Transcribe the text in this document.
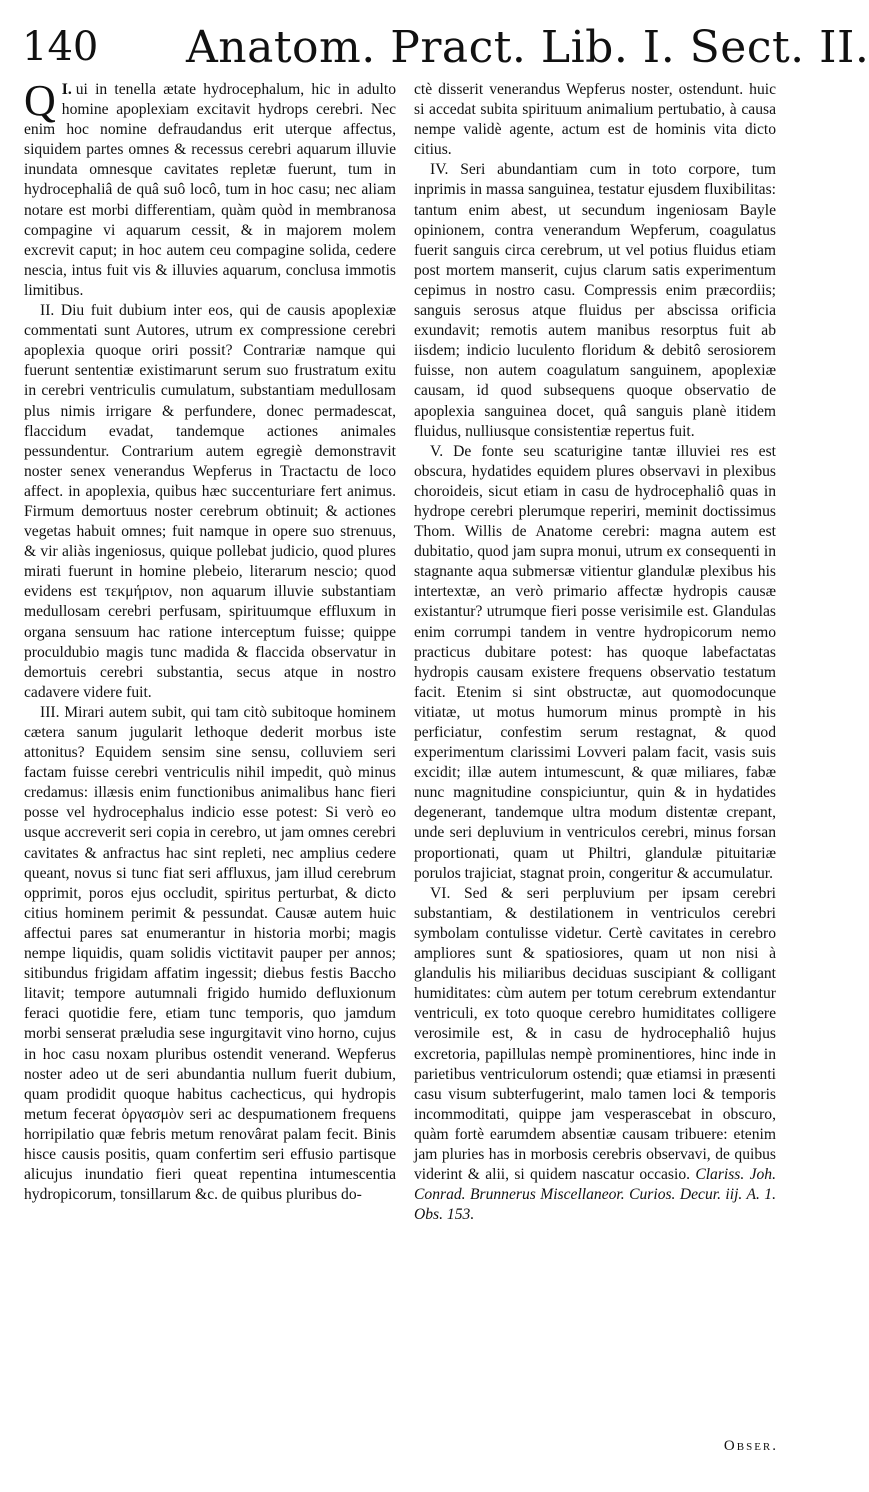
140 Anatom. Pract. Lib. I. Sect. II.

I.
Q ui in tenella ætate hydrocephalum, hic in adulto homine apoplexiam excitavit hydrops cerebri. Nec enim hoc nomine defraudandus erit uterque affectus, siquidem partes omnes & recessus cerebri aquarum illuvie inundata omnesque cavitates repletæ fuerunt, tum in hydrocephaliâ de quâ suô locô, tum in hoc casu; nec aliam notare est morbi differentiam, quàm quòd in membranosa compagine vi aquarum cessit, & in majorem molem excrevit caput; in hoc autem ceu compagine solida, cedere nescia, intus fuit vis & illuvies aquarum, conclusa immotis limitibus.

II. Diu fuit dubium inter eos, qui de causis apoplexiæ commentati sunt Autores, utrum ex compressione cerebri apoplexia quoque oriri possit? Contrariæ namque qui fuerunt sententiæ existimarunt serum suo frustratum exitu in cerebri ventriculis cumulatum, substantiam medullosam plus nimis irrigare & perfundere, donec permadescat, flaccidum evadat, tandemque actiones animales pessundentur. Contrarium autem egregiè demonstravit noster senex venerandus Wepferus in Tractactu de loco affect. in apoplexia, quibus hæc succenturiare fert animus. Firmum demortuus noster cerebrum obtinuit; & actiones vegetas habuit omnes; fuit namque in opere suo strenuus, & vir aliàs ingeniosus, quique pollebat judicio, quod plures mirati fuerunt in homine plebeio, literarum nescio; quod evidens est τεκμήριον, non aquarum illuvie substantiam medullosam cerebri perfusam, spirituumque effluxum in organa sensuum hac ratione interceptum fuisse; quippe proculdubio magis tunc madida & flaccida observatur in demortuis cerebri substantia, secus atque in nostro cadavere videre fuit.

III. Mirari autem subit, qui tam citò subitoque hominem cætera sanum jugularit lethoque dederit morbus iste attonitus? Equidem sensim sine sensu, colluviem seri factam fuisse cerebri ventriculis nihil impedit, quò minus credamus: illæsis enim functionibus animalibus hanc fieri posse vel hydrocephalus indicio esse potest: Si verò eo usque accreverit seri copia in cerebro, ut jam omnes cerebri cavitates & anfractus hac sint repleti, nec amplius cedere queant, novus si tunc fiat seri affluxus, jam illud cerebrum opprimit, poros ejus occludit, spiritus perturbat, & dicto citius hominem perimit & pessundat. Causæ autem huic affectui pares sat enumerantur in historia morbi; magis nempe liquidis, quam solidis victitavit pauper per annos; sitibundus frigidam affatim ingessit; diebus festis Baccho litavit; tempore autumnali frigido humido defluxionum feraci quotidie fere, etiam tunc temporis, quo jamdum morbi senserat præludia sese ingurgitavit vino horno, cujus in hoc casu noxam pluribus ostendit venerand. Wepferus noster adeo ut de seri abundantia nullum fuerit dubium, quam prodidit quoque habitus cachecticus, qui hydropis metum fecerat ὀργασμὸν seri ac despumationem frequens horripilatio quæ febris metum renovârat palam fecit. Binis hisce causis positis, quam confertim seri effusio partisque alicujus inundatio fieri queat repentina intumescentia hydropicorum, tonsillarum &c. de quibus pluribus do-

ctè disserit venerandus Wepferus noster, ostendunt. huic si accedat subita spirituum animalium pertubatio, à causa nempe validè agente, actum est de hominis vita dicto citius.

IV. Seri abundantiam cum in toto corpore, tum inprimis in massa sanguinea, testatur ejusdem fluxibilitas: tantum enim abest, ut secundum ingeniosam Bayle opinionem, contra venerandum Wepferum, coagulatus fuerit sanguis circa cerebrum, ut vel potius fluidus etiam post mortem manserit, cujus clarum satis experimentum cepimus in nostro casu. Compressis enim præcordiis; sanguis serosus atque fluidus per abscissa orificia exundavit; remotis autem manibus resorptus fuit ab iisdem; indicio luculento floridum & debitô serosiorem fuisse, non autem coagulatum sanguinem, apoplexiæ causam, id quod subsequens quoque observatio de apoplexia sanguinea docet, quâ sanguis planè itidem fluidus, nulliusque consistentiæ repertus fuit.

V. De fonte seu scaturigine tantæ illuviei res est obscura, hydatides equidem plures observavi in plexibus choroideis, sicut etiam in casu de hydrocephaliô quas in hydrope cerebri plerumque reperiri, meminit doctissimus Thom. Willis de Anatome cerebri: magna autem est dubitatio, quod jam supra monui, utrum ex consequenti in stagnante aqua submersæ vitientur glandulæ plexibus his intertextæ, an verò primario affectæ hydropis causæ existantur? utrumque fieri posse verisimile est. Glandulas enim corrumpi tandem in ventre hydropicorum nemo practicus dubitare potest: has quoque labefactatas hydropis causam existere frequens observatio testatum facit. Etenim si sint obstructæ, aut quomodocunque vitiatæ, ut motus humorum minus promptè in his perficiatur, confestim serum restagnat, & quod experimentum clarissimi Lovveri palam facit, vasis suis excidit; illæ autem intumescunt, & quæ miliares, fabæ nunc magnitudine conspiciuntur, quin & in hydatides degenerant, tandemque ultra modum distentæ crepant, unde seri depluvium in ventriculos cerebri, minus forsan proportionati, quam ut Philtri, glandulæ pituitariæ porulos trajiciat, stagnat proin, congeritur & accumulatur.

VI. Sed & seri perpluvium per ipsam cerebri substantiam, & destilationem in ventriculos cerebri symbolam contulisse videtur. Certè cavitates in cerebro ampliores sunt & spatiosiores, quam ut non nisi à glandulis his miliaribus deciduas suscipiant & colligant humiditates: cùm autem per totum cerebrum extendantur ventriculi, ex toto quoque cerebro humiditates colligere verosimile est, & in casu de hydrocephaliô hujus excretoria, papillulas nempè prominentiores, hinc inde in parietibus ventriculorum ostendi; quæ etiamsi in præsenti casu visum subterfugerint, malo tamen loci & temporis incommoditati, quippe jam vesperascebat in obscuro, quàm fortè earumdem absentiæ causam tribuere: etenim jam pluries has in morbosis cerebris observavi, de quibus viderint & alii, si quidem nascatur occasio. Clariss. Joh. Conrad. Brunnerus Miscellaneor. Curios. Decur. iij. A. 1. Obs. 153.

Obser.
